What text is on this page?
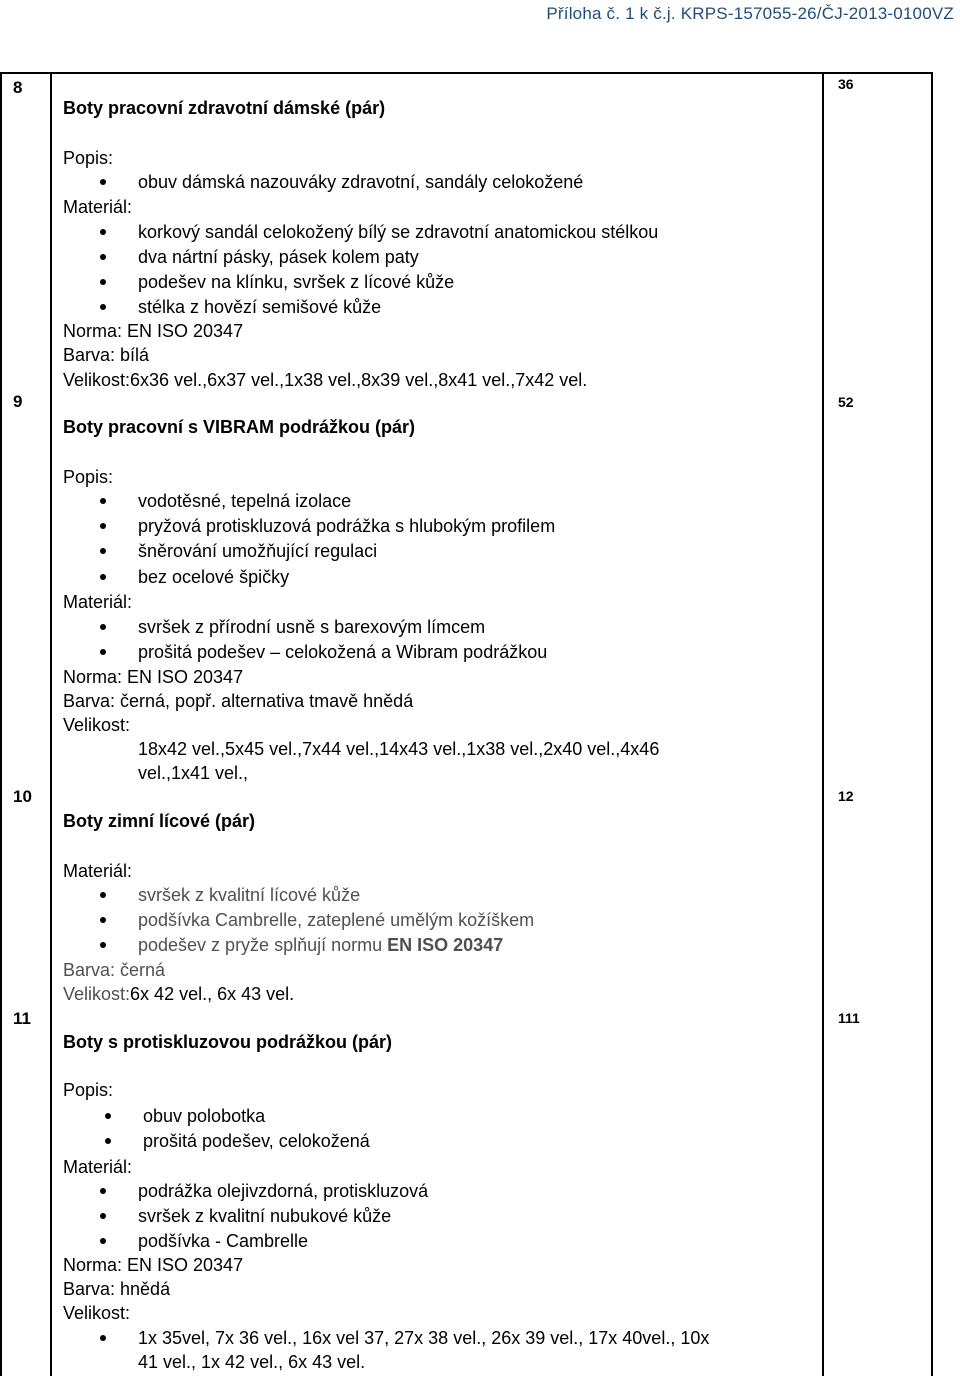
Příloha č. 1 k č.j. KRPS-157055-26/ČJ-2013-0100VZ
8
9
10
11
36
52
12
111
Boty pracovní zdravotní dámské (pár)
Popis:
obuv dámská nazouváky zdravotní, sandály celokožené
Materiál:
korkový sandál celokožený bílý se zdravotní anatomickou stélkou
dva nártní pásky, pásek kolem paty
podešev na klínku, svršek z lícové kůže
stélka z hovězí semišové kůže
Norma: EN ISO 20347
Barva: bílá
Velikost:6x36 vel.,6x37 vel.,1x38 vel.,8x39 vel.,8x41 vel.,7x42 vel.
Boty pracovní s VIBRAM podrážkou (pár)
Popis:
vodotěsné, tepelná izolace
pryžová protiskluzová podrážka s hlubokým profilem
šněrování umožňující regulaci
bez ocelové špičky
Materiál:
svršek z přírodní usně s barexovým límcem
prošitá podešev – celokožená a Wibram podrážkou
Norma: EN ISO 20347
Barva: černá, popř. alternativa tmavě hnědá
Velikost:
18x42 vel.,5x45 vel.,7x44 vel.,14x43 vel.,1x38 vel.,2x40 vel.,4x46
vel.,1x41 vel.,
Boty zimní lícové (pár)
Materiál:
svršek z kvalitní lícové kůže
podšívka Cambrelle, zateplené umělým kožíškem
podešev z pryže splňují normu EN ISO 20347
Barva: černá
Velikost:6x 42 vel., 6x 43 vel.
Boty s protiskluzovou podrážkou (pár)
Popis:
obuv polobotka
prošitá podešev, celokožená
Materiál:
podrážka olejivzdorná, protiskluzová
svršek z kvalitní nubukové kůže
podšívka - Cambrelle
Norma: EN ISO 20347
Barva: hnědá
Velikost:
1x 35vel, 7x 36 vel., 16x vel 37, 27x 38 vel., 26x 39 vel., 17x 40vel., 10x
41 vel., 1x 42 vel., 6x 43 vel.
